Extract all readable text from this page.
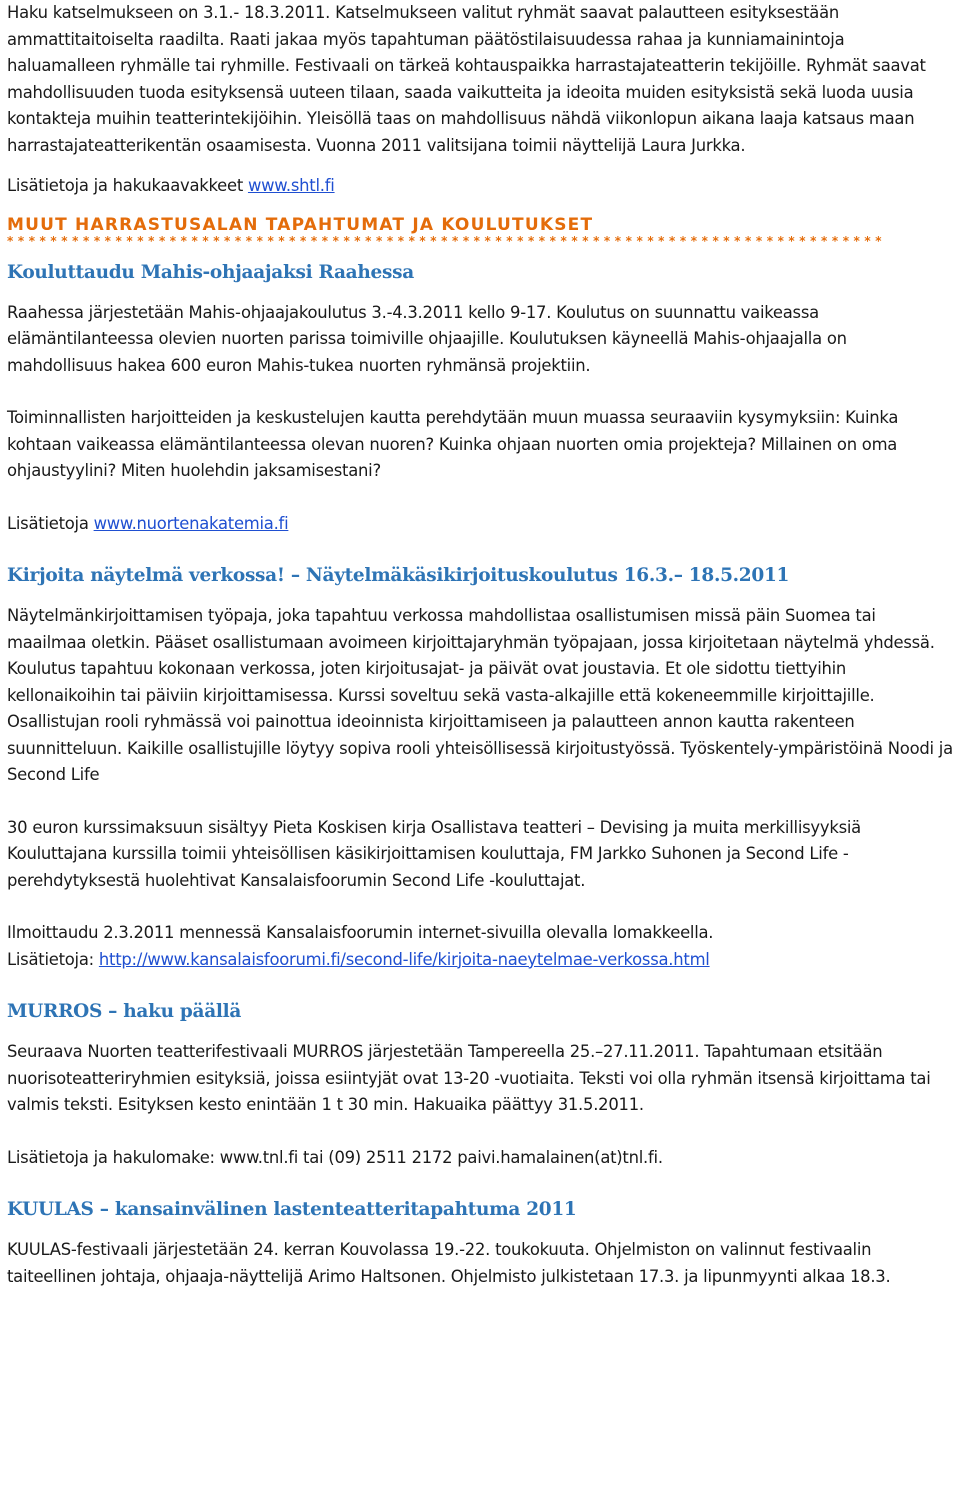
Haku katselmukseen on 3.1.- 18.3.2011. Katselmukseen valitut ryhmät saavat palautteen esityksestään ammattitaitoiselta raadilta. Raati jakaa myös tapahtuman päätöstilaisuudessa rahaa ja kunniamainintoja haluamalleen ryhmälle tai ryhmille. Festivaali on tärkeä kohtauspaikka harrastajateatterin tekijöille. Ryhmät saavat mahdollisuuden tuoda esityksensä uuteen tilaan, saada vaikutteita ja ideoita muiden esityksistä sekä luoda uusia kontakteja muihin teatterintekijöihin. Yleisöllä taas on mahdollisuus nähdä viikonlopun aikana laaja katsaus maan harrastajateatterikentän osaamisesta. Vuonna 2011 valitsijana toimii näyttelijä Laura Jurkka.

Lisätietoja ja hakukaavakkeet www.shtl.fi

MUUT HARRASTUSALAN TAPAHTUMAT JA KOULUTUKSET
* * * * * * * * * * * * * * * * * * * * * * * * * * * * * * * * * * * * * * * * * * * * * * * * * * * * * * * * * * * * * * * * * * * * * * * * * * * * * * * * *
Kouluttaudu Mahis-ohjaajaksi Raahessa

Raahessa järjestetään Mahis-ohjaajakoulutus 3.-4.3.2011 kello 9-17. Koulutus on suunnattu vaikeassa elämäntilanteessa olevien nuorten parissa toimiville ohjaajille. Koulutuksen käyneellä Mahis-ohjaajalla on mahdollisuus hakea 600 euron Mahis-tukea nuorten ryhmänsä projektiin.

Toiminnallisten harjoitteiden ja keskustelujen kautta perehdytään muun muassa seuraaviin kysymyksiin: Kuinka kohtaan vaikeassa elämäntilanteessa olevan nuoren? Kuinka ohjaan nuorten omia projekteja? Millainen on oma ohjaustyylini? Miten huolehdin jaksamisestani?

Lisätietoja www.nuortenakatemia.fi

Kirjoita näytelmä verkossa! – Näytelmäkäsikirjoituskoulutus 16.3.– 18.5.2011

Näytelmänkirjoittamisen työpaja, joka tapahtuu verkossa mahdollistaa osallistumisen missä päin Suomea tai maailmaa oletkin. Pääset osallistumaan avoimeen kirjoittajaryhmän työpajaan, jossa kirjoitetaan näytelmä yhdessä. Koulutus tapahtuu kokonaan verkossa, joten kirjoitusajat- ja päivät ovat joustavia. Et ole sidottu tiettyihin kellonaikoihin tai päiviin kirjoittamisessa. Kurssi soveltuu sekä vasta-alkajille että kokeneemmille kirjoittajille. Osallistujan rooli ryhmässä voi painottua ideoinnista kirjoittamiseen ja palautteen annon kautta rakenteen suunnitteluun. Kaikille osallistujille löytyy sopiva rooli yhteisöllisessä kirjoitustyössä. Työskentely-ympäristöinä Noodi ja Second Life

30 euron kurssimaksuun sisältyy Pieta Koskisen kirja Osallistava teatteri – Devising ja muita merkillisyyksiä Kouluttajana kurssilla toimii yhteisöllisen käsikirjoittamisen kouluttaja, FM Jarkko Suhonen ja Second Life -perehdytyksestä huolehtivat Kansalaisfoorumin Second Life -kouluttajat.

Ilmoittaudu 2.3.2011 mennessä Kansalaisfoorumin internet-sivuilla olevalla lomakkeella.

Lisätietoja: http://www.kansalaisfoorumi.fi/second-life/kirjoita-naeytelmae-verkossa.html

MURROS – haku päällä

Seuraava Nuorten teatterifestivaali MURROS järjestetään Tampereella 25.–27.11.2011. Tapahtumaan etsitään nuorisoteatteriryhmien esityksiä, joissa esiintyjät ovat 13-20 -vuotiaita. Teksti voi olla ryhmän itsensä kirjoittama tai valmis teksti. Esityksen kesto enintään 1 t 30 min. Hakuaika päättyy 31.5.2011.

Lisätietoja ja hakulomake: www.tnl.fi tai (09) 2511 2172 paivi.hamalainen(at)tnl.fi.

KUULAS – kansainvälinen lastenteatteritapahtuma 2011

KUULAS-festivaali järjestetään 24. kerran Kouvolassa 19.-22. toukokuuta. Ohjelmiston on valinnut festivaalin taiteellinen johtaja, ohjaaja-näyttelijä Arimo Haltsonen. Ohjelmisto julkistetaan 17.3. ja lipunmyynti alkaa 18.3.
